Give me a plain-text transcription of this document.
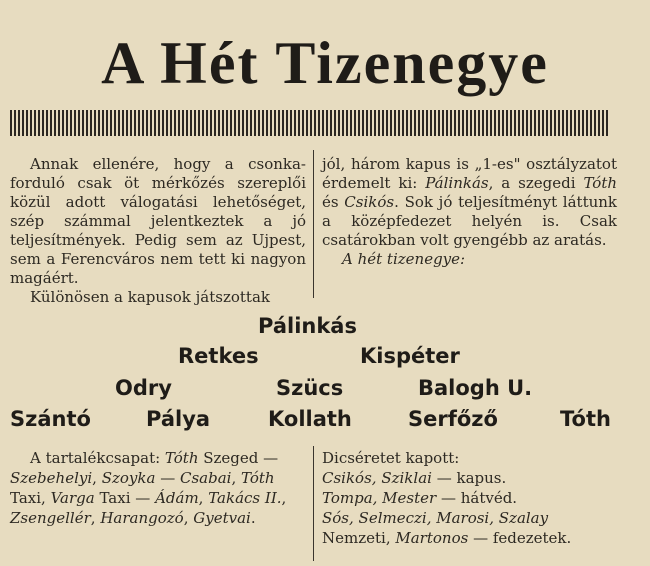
A Hét Tizenegye

Annak ellenére, hogy a csonka-forduló csak öt mérkőzés szereplői közül adott válogatási lehetőséget, szép számmal jelentkeztek a jó teljesítmények. Pedig sem az Ujpest, sem a Ferencváros nem tett ki nagyon magáért.

Különösen a kapusok játszottak

jól, három kapus is „1-es" osztályzatot érdemelt ki: Pálinkás, a szegedi Tóth és Csikós. Sok jó teljesítményt láttunk a középfedezet helyén is. Csak csatárokban volt gyengébb az aratás.

A hét tizenegye:

Pálinkás
Retkes	Kispéter
Odry	Szücs	Balogh U.
Szántó	Pálya	Kollath	Serfőző	Tóth

A tartalékcsapat: Tóth Szeged — Szebehelyi, Szoyka — Csabai, Tóth Taxi, Varga Taxi — Ádám, Takács II., Zsengellér, Harangozó, Gyetvai.

Dicséretet kapott:

Csikós, Sziklai — kapus.

Tompa, Mester — hátvéd.

Sós, Selmeczi, Marosi, Szalay

Nemzeti, Martonos — fedezetek.
